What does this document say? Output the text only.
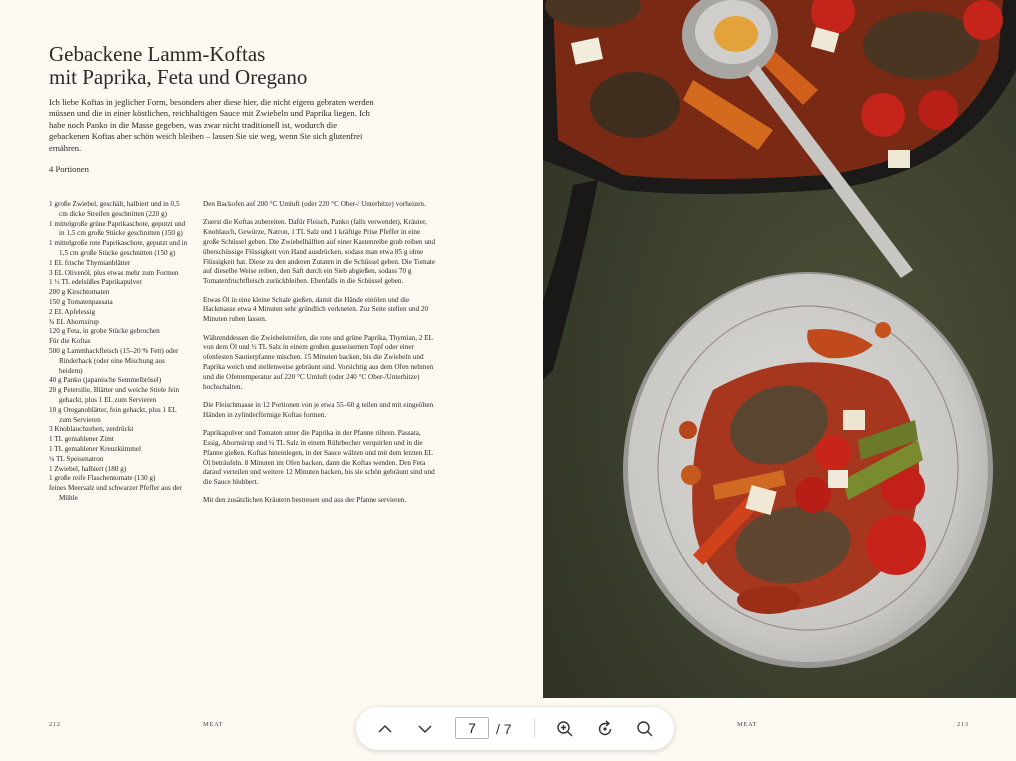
Gebackene Lamm-Koftas
mit Paprika, Feta und Oregano

Ich liebe Koftas in jeglicher Form, besonders aber diese hier, die nicht eigens gebraten werden müssen und die in einer köstlichen, reichhaltigen Sauce mit Zwiebeln und Paprika liegen. Ich habe noch Panko in die Masse gegeben, was zwar nicht traditionell ist, wodurch die gebackenen Koftas aber schön weich bleiben – lassen Sie sie weg, wenn Sie sich glutenfrei ernähren.

4 Portionen

1 große Zwiebel, geschält, halbiert und in 0,5 cm dicke Streifen geschnitten (220 g)
1 mittelgroße grüne Paprikaschote, geputzt und in 1,5 cm große Stücke geschnitten (150 g)
1 mittelgroße rote Paprikaschote, geputzt und in 1,5 cm große Stücke geschnitten (150 g)
1 EL frische Thymianblätter
3 EL Olivenöl, plus etwas mehr zum Formen
1 ½ TL edelsüßes Paprikapulver
200 g Kirschtomaten
150 g Tomatenpassata
2 EL Apfelessig
¾ EL Ahornsirup
120 g Feta, in grobe Stücke gebrochen
Für die Koftas
500 g Lammhackfleisch (15–20 % Fett) oder Rinderhack (oder eine Mischung aus beidem)
40 g Panko (japanische Semmelbrösel)
20 g Petersilie, Blätter und weiche Stiele fein gehackt, plus 1 EL zum Servieren
10 g Oreganoblätter, fein gehackt, plus 1 EL zum Servieren
3 Knoblauchzehen, zerdrückt
1 TL gemahlener Zimt
1 TL gemahlener Kreuzkümmel
¼ TL Speisenatron
1 Zwiebel, halbiert (180 g)
1 große reife Flaschentomate (130 g)
feines Meersalz und schwarzer Pfeffer aus der Mühle

Den Backofen auf 200 °C Umluft (oder 220 °C Ober-/ Unterhitze) vorheizen.

Zuerst die Koftas zubereiten. Dafür Fleisch, Panko (falls verwendet), Kräuter, Knoblauch, Gewürze, Natron, 1 TL Salz und 1 kräftige Prise Pfeffer in eine große Schüssel geben. Die Zwiebelhälften auf einer Kastenreibe grob reiben und überschüssige Flüssigkeit von Hand ausdrücken, sodass man etwa 85 g ohne Flüssigkeit hat. Diese zu den anderen Zutaten in die Schüssel geben. Die Tomate auf dieselbe Weise reiben, den Saft durch ein Sieb abgießen, sodass 70 g Tomatenfruchtfleisch zurückbleiben. Ebenfalls in die Schüssel geben.

Etwas Öl in eine kleine Schale gießen, damit die Hände einölen und die Hackmasse etwa 4 Minuten sehr gründlich verkneten. Zur Seite stellen und 20 Minuten ruhen lassen.

Währenddessen die Zwiebelstreifen, die rote und grüne Paprika, Thymian, 2 EL von dem Öl und ½ TL Salz in einem großen gusseisernen Topf oder einer ofenfesten Sautierpfanne mischen. 15 Minuten backen, bis die Zwiebeln und Paprika weich und stellenweise gebräunt sind. Vorsichtig aus dem Ofen nehmen und die Ofentemperatur auf 220 °C Umluft (oder 240 °C Ober-/Unterhitze) hochschalten.

Die Fleischmasse in 12 Portionen von je etwa 55–60 g teilen und mit eingeölten Händen in zylinderförmige Koftas formen.

Paprikapulver und Tomaten unter die Paprika in der Pfanne rühren. Passata, Essig, Ahornsirup und ¼ TL Salz in einem Rührbecher verquirlen und in die Pfanne gießen. Koftas hineinlegen, in der Sauce wälzen und mit dem letzten EL Öl beträufeln. 8 Minuten im Ofen backen, dann die Koftas wenden. Den Feta darauf verteilen und weitere 12 Minuten backen, bis sie schön gebräunt sind und die Sauce blubbert.

Mit den zusätzlichen Kräutern bestreuen und aus der Pfanne servieren.

212	MEAT	MEAT	213
7
/ 7
